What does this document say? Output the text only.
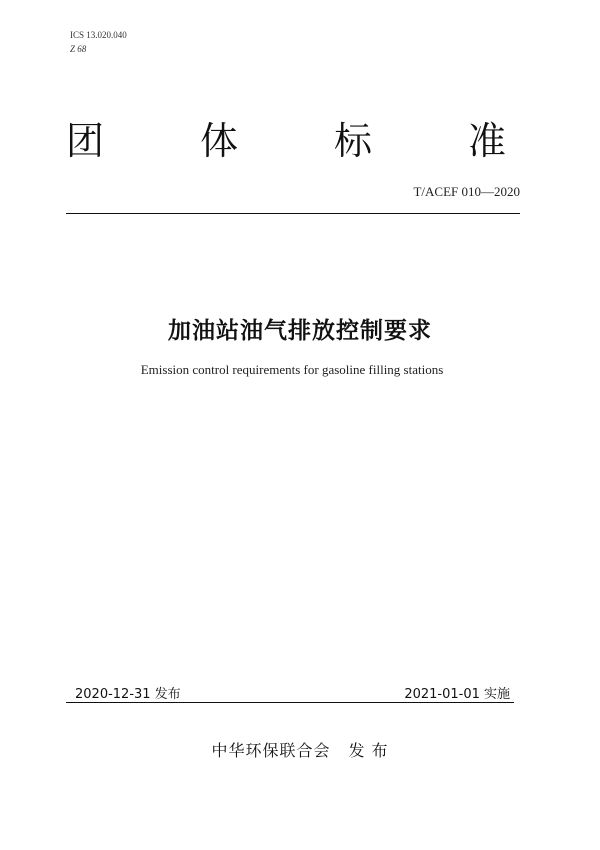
ICS 13.020.040
Z 68
团	体	标	准
T/ACEF 010—2020
加油站油气排放控制要求
Emission control requirements for gasoline filling stations
2020-12-31 发布	2021-01-01 实施
中华环保联合会 发 布
